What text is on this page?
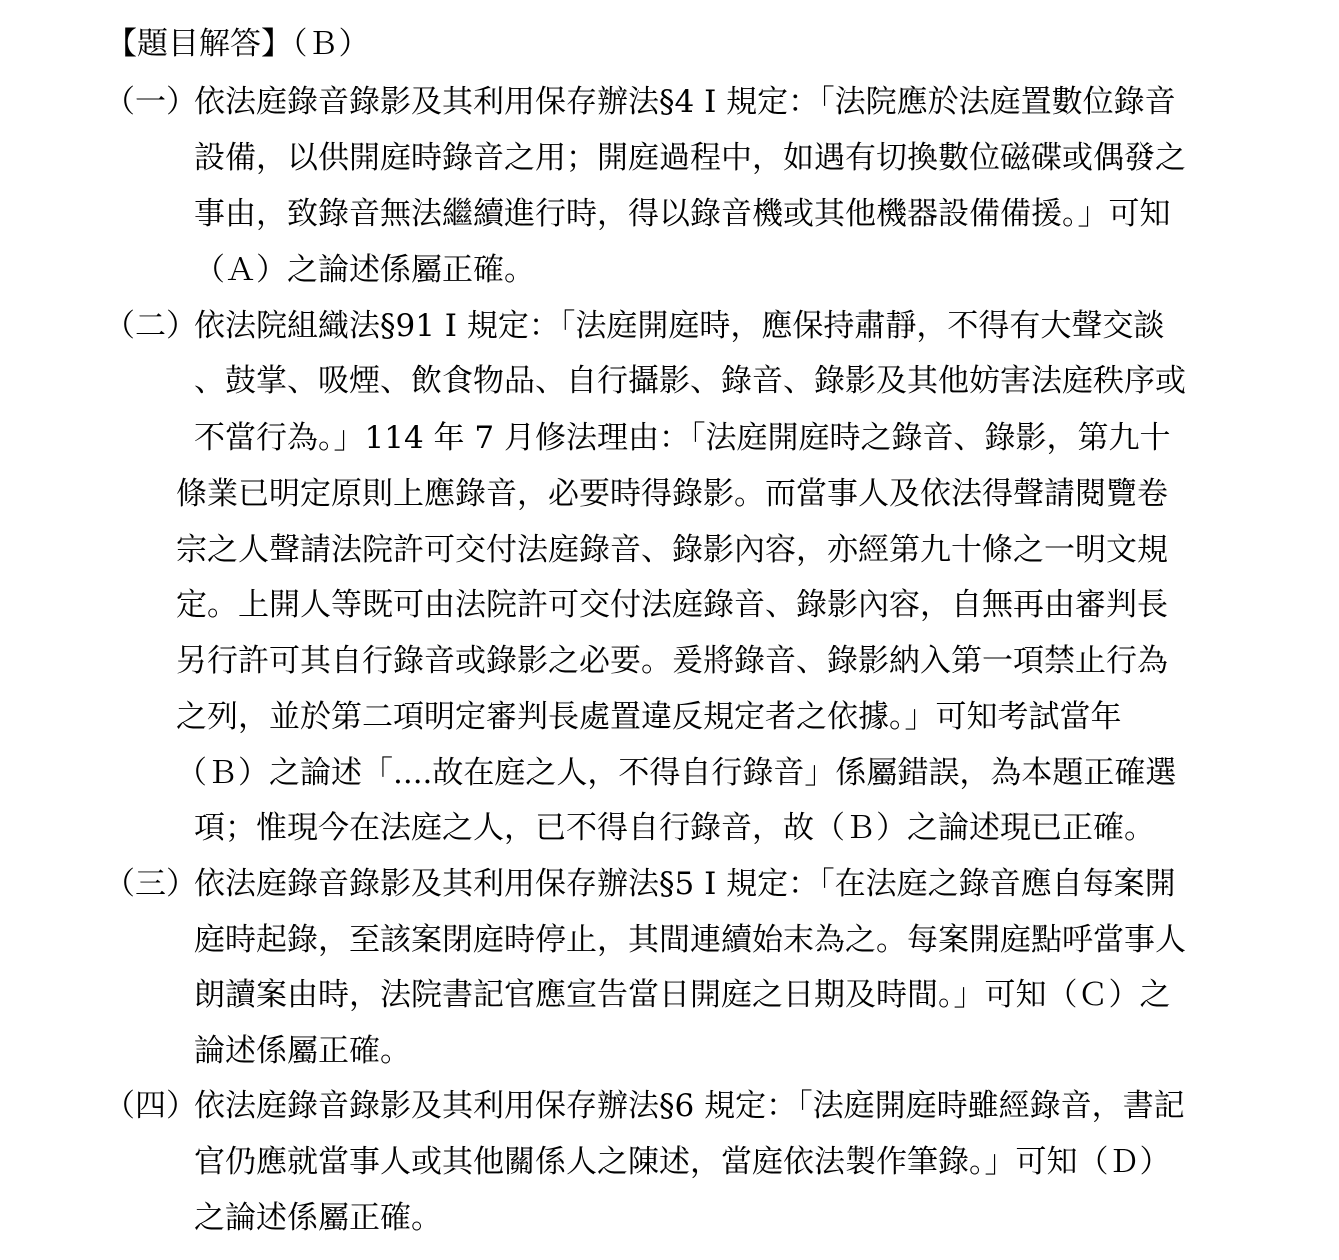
【題目解答】（Ｂ）
（一）
依法庭錄音錄影及其利用保存辦法§4 I 規定：「法院應於法庭置數位錄音
設備，以供開庭時錄音之用；開庭過程中，如遇有切換數位磁碟或偶發之
事由，致錄音無法繼續進行時，得以錄音機或其他機器設備備援。」可知
（Ａ）之論述係屬正確。
（二）
依法院組織法§91 I 規定：「法庭開庭時，應保持肅靜，不得有大聲交談
、鼓掌、吸煙、飲食物品、自行攝影、錄音、錄影及其他妨害法庭秩序或
不當行為。」114 年 7 月修法理由：「法庭開庭時之錄音、錄影，第九十
條業已明定原則上應錄音，必要時得錄影。而當事人及依法得聲請閱覽卷
宗之人聲請法院許可交付法庭錄音、錄影內容，亦經第九十條之一明文規
定。上開人等既可由法院許可交付法庭錄音、錄影內容，自無再由審判長
另行許可其自行錄音或錄影之必要。爰將錄音、錄影納入第一項禁止行為
之列，並於第二項明定審判長處置違反規定者之依據。」可知考試當年
（Ｂ）之論述「....故在庭之人，不得自行錄音」係屬錯誤，為本題正確選
項；惟現今在法庭之人，已不得自行錄音，故（Ｂ）之論述現已正確。
（三）
依法庭錄音錄影及其利用保存辦法§5 I 規定：「在法庭之錄音應自每案開
庭時起錄，至該案閉庭時停止，其間連續始末為之。每案開庭點呼當事人
朗讀案由時，法院書記官應宣告當日開庭之日期及時間。」可知（Ｃ）之
論述係屬正確。
（四）
依法庭錄音錄影及其利用保存辦法§6 規定：「法庭開庭時雖經錄音，書記
官仍應就當事人或其他關係人之陳述，當庭依法製作筆錄。」可知（Ｄ）
之論述係屬正確。
